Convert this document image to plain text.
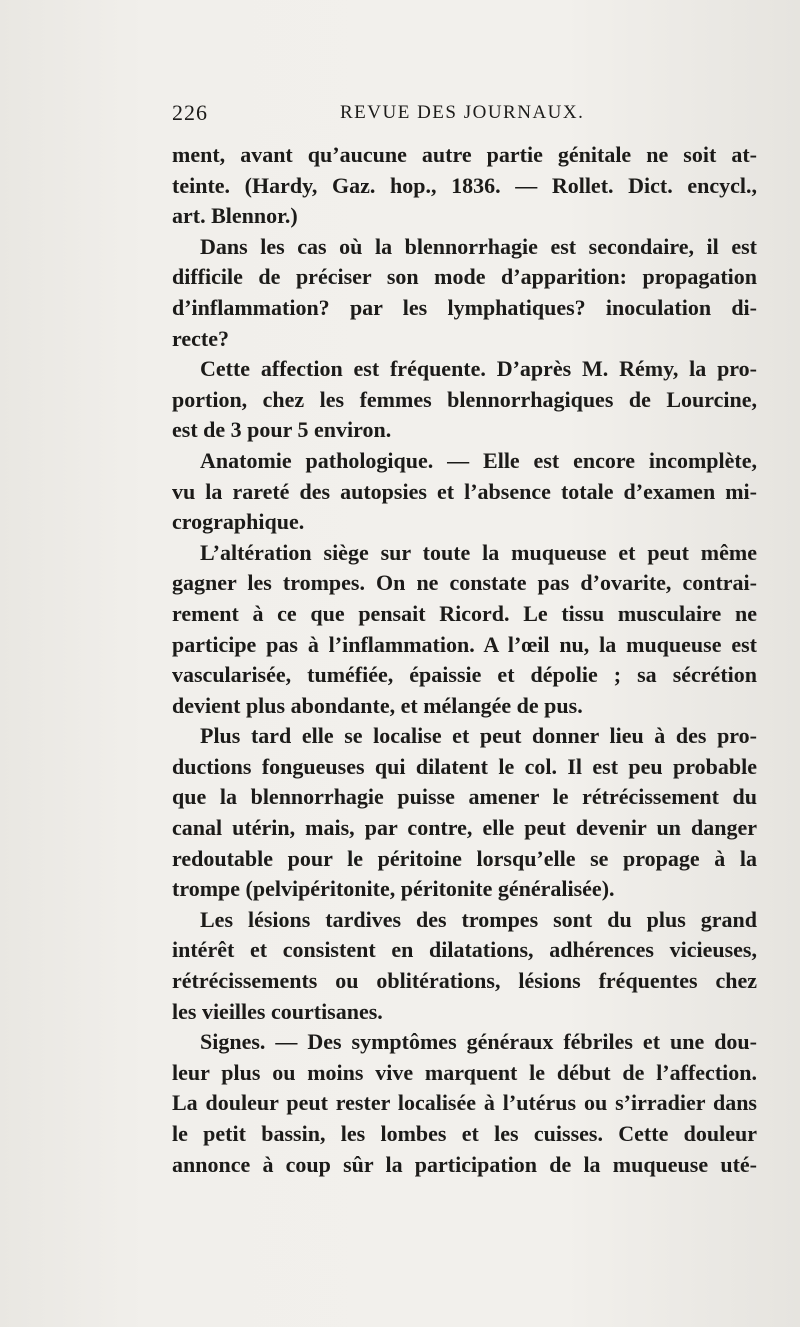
226	REVUE DES JOURNAUX.
ment, avant qu’aucune autre partie génitale ne soit at-
teinte. (Hardy, Gaz. hop., 1836. — Rollet. Dict. encycl.,
art. Blennor.)
Dans les cas où la blennorrhagie est secondaire, il est
difficile de préciser son mode d’apparition: propagation
d’inflammation? par les lymphatiques? inoculation di-
recte?
Cette affection est fréquente. D’après M. Rémy, la pro-
portion, chez les femmes blennorrhagiques de Lourcine,
est de 3 pour 5 environ.
Anatomie pathologique. — Elle est encore incomplète,
vu la rareté des autopsies et l’absence totale d’examen mi-
crographique.
L’altération siège sur toute la muqueuse et peut même
gagner les trompes. On ne constate pas d’ovarite, contrai-
rement à ce que pensait Ricord. Le tissu musculaire ne
participe pas à l’inflammation. A l’œil nu, la muqueuse est
vascularisée, tuméfiée, épaissie et dépolie ; sa sécrétion
devient plus abondante, et mélangée de pus.
Plus tard elle se localise et peut donner lieu à des pro-
ductions fongueuses qui dilatent le col. Il est peu probable
que la blennorrhagie puisse amener le rétrécissement du
canal utérin, mais, par contre, elle peut devenir un danger
redoutable pour le péritoine lorsqu’elle se propage à la
trompe (pelvipéritonite, péritonite généralisée).
Les lésions tardives des trompes sont du plus grand
intérêt et consistent en dilatations, adhérences vicieuses,
rétrécissements ou oblitérations, lésions fréquentes chez
les vieilles courtisanes.
Signes. — Des symptômes généraux fébriles et une dou-
leur plus ou moins vive marquent le début de l’affection.
La douleur peut rester localisée à l’utérus ou s’irradier dans
le petit bassin, les lombes et les cuisses. Cette douleur
annonce à coup sûr la participation de la muqueuse uté-
